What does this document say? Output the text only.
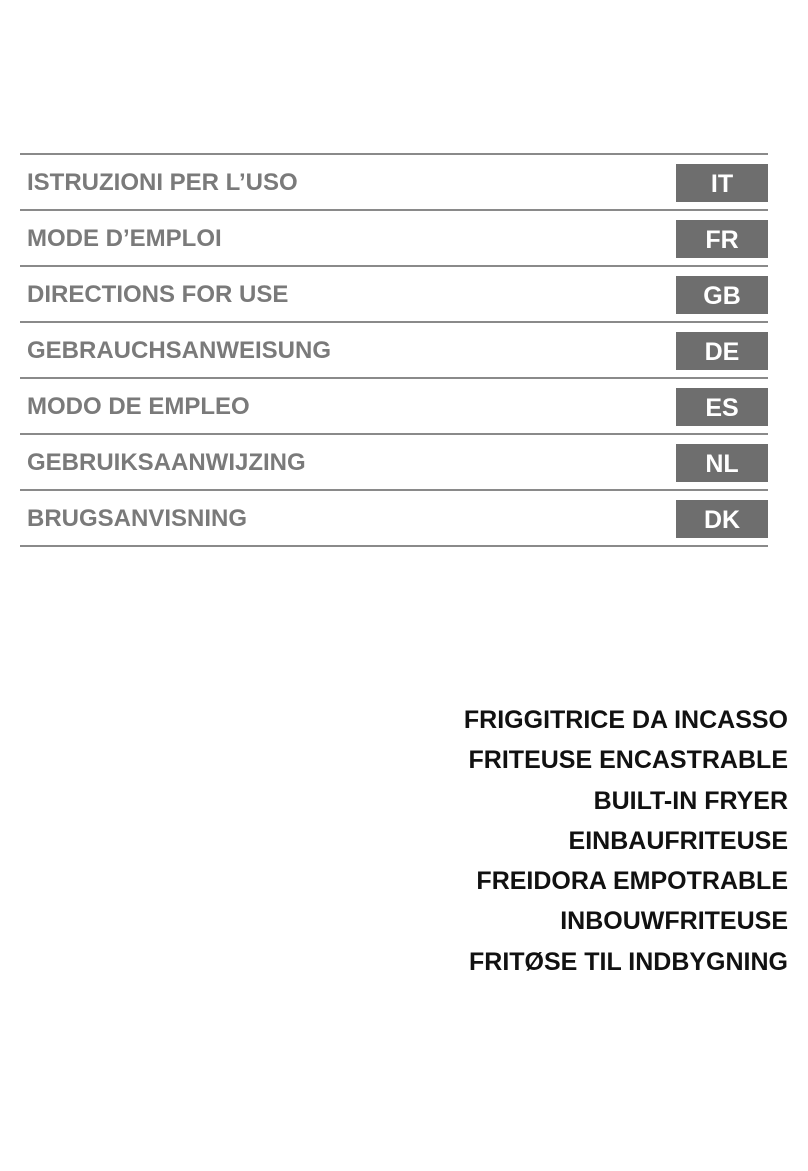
ISTRUZIONI PER L’USO	IT
MODE D’EMPLOI	FR
DIRECTIONS FOR USE	GB
GEBRAUCHSANWEISUNG	DE
MODO DE EMPLEO	ES
GEBRUIKSAANWIJZING	NL
BRUGSANVISNING	DK
FRIGGITRICE DA INCASSO
FRITEUSE ENCASTRABLE
BUILT-IN FRYER
EINBAUFRITEUSE
FREIDORA EMPOTRABLE
INBOUWFRITEUSE
FRITØSE TIL INDBYGNING
